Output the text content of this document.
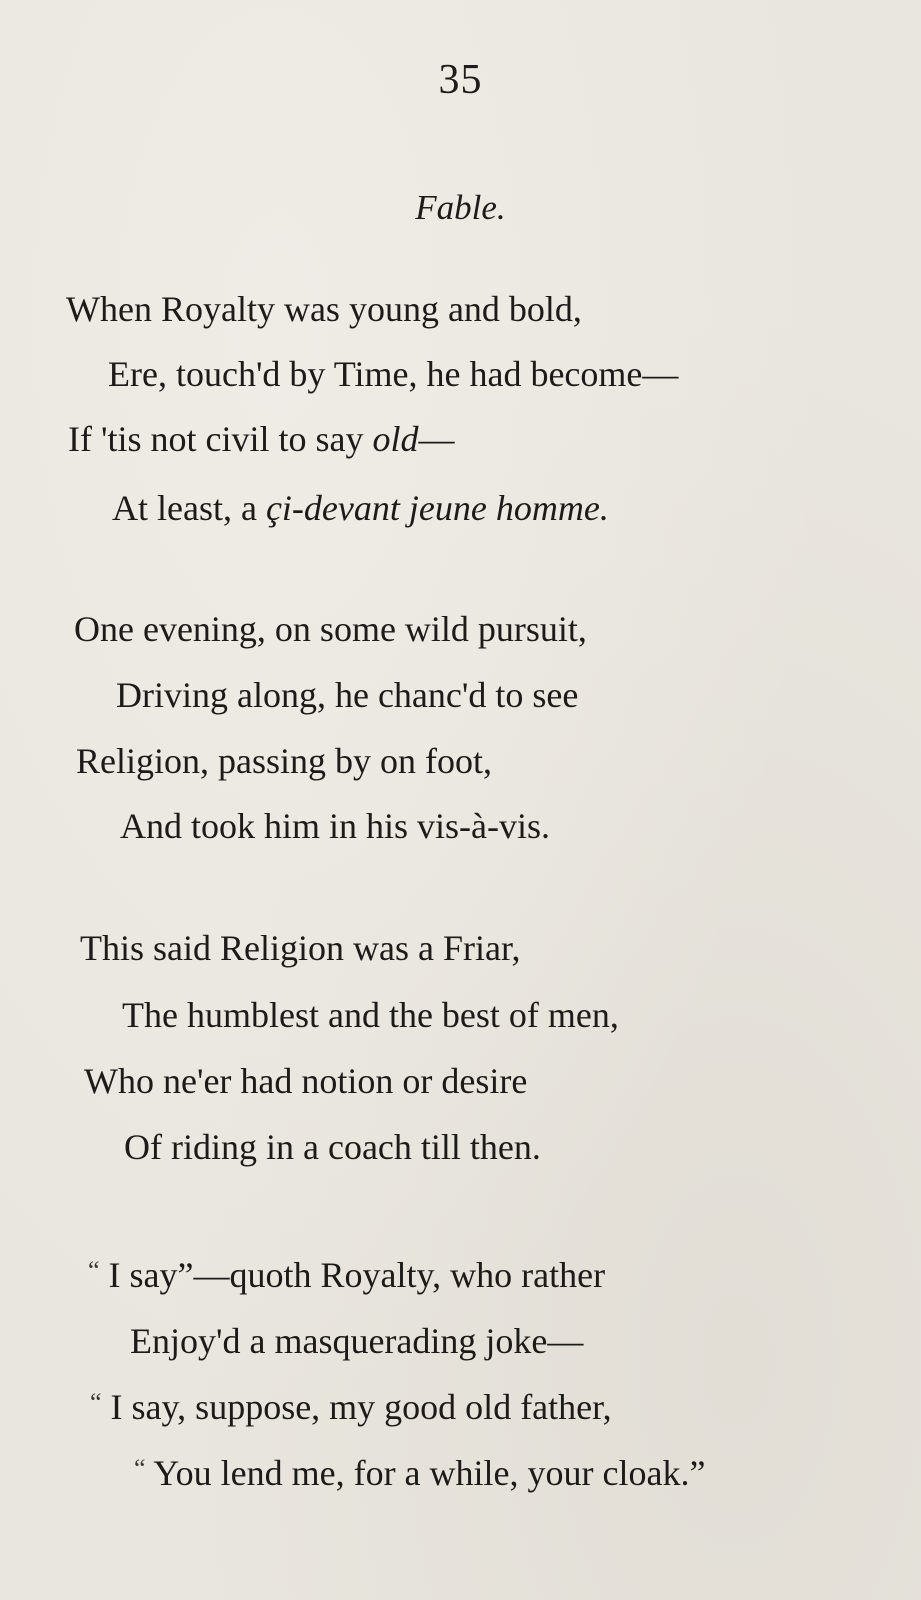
35
Fable.
When Royalty was young and bold,
Ere, touch'd by Time, he had become—
If 'tis not civil to say old—
At least, a çi-devant jeune homme.
One evening, on some wild pursuit,
Driving along, he chanc'd to see
Religion, passing by on foot,
And took him in his vis-à-vis.
This said Religion was a Friar,
The humblest and the best of men,
Who ne'er had notion or desire
Of riding in a coach till then.
“ I say”—quoth Royalty, who rather
Enjoy'd a masquerading joke—
“ I say, suppose, my good old father,
“ You lend me, for a while, your cloak.”
